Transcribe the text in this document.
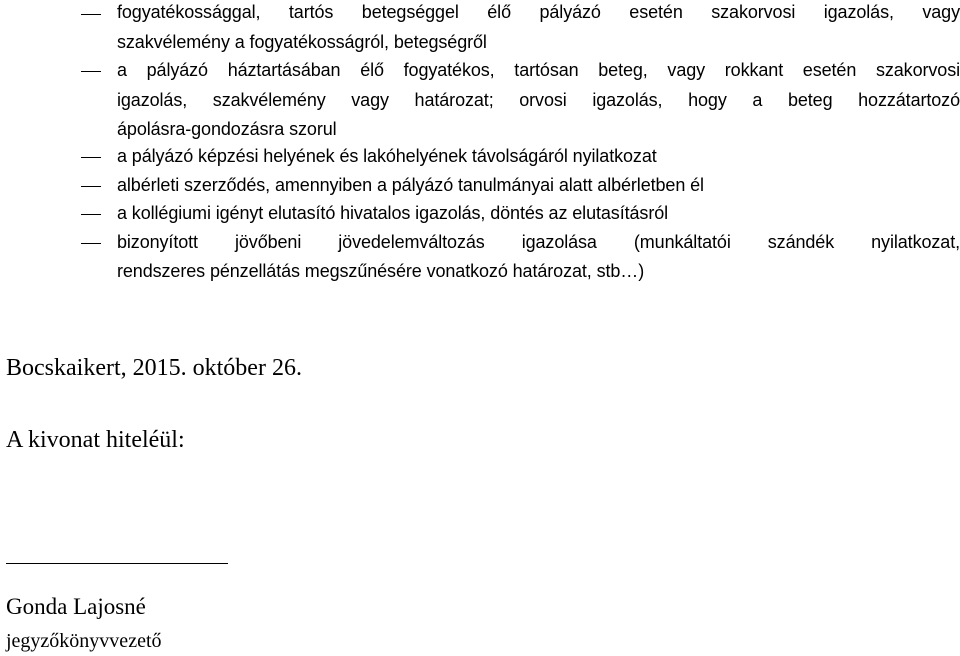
fogyatékossággal, tartós betegséggel élő pályázó esetén szakorvosi igazolás, vagy
szakvélemény a fogyatékosságról, betegségről
a pályázó háztartásában élő fogyatékos, tartósan beteg, vagy rokkant esetén szakorvosi
igazolás, szakvélemény vagy határozat; orvosi igazolás, hogy a beteg hozzátartozó
ápolásra-gondozásra szorul
a pályázó képzési helyének és lakóhelyének távolságáról nyilatkozat
albérleti szerződés, amennyiben a pályázó tanulmányai alatt albérletben él
a kollégiumi igényt elutasító hivatalos igazolás, döntés az elutasításról
bizonyított jövőbeni jövedelemváltozás igazolása (munkáltatói szándék nyilatkozat,
rendszeres pénzellátás megszűnésére vonatkozó határozat, stb…)
Bocskaikert, 2015. október 26.
A kivonat hiteléül:
Gonda Lajosné
jegyzőkönyvvezető
